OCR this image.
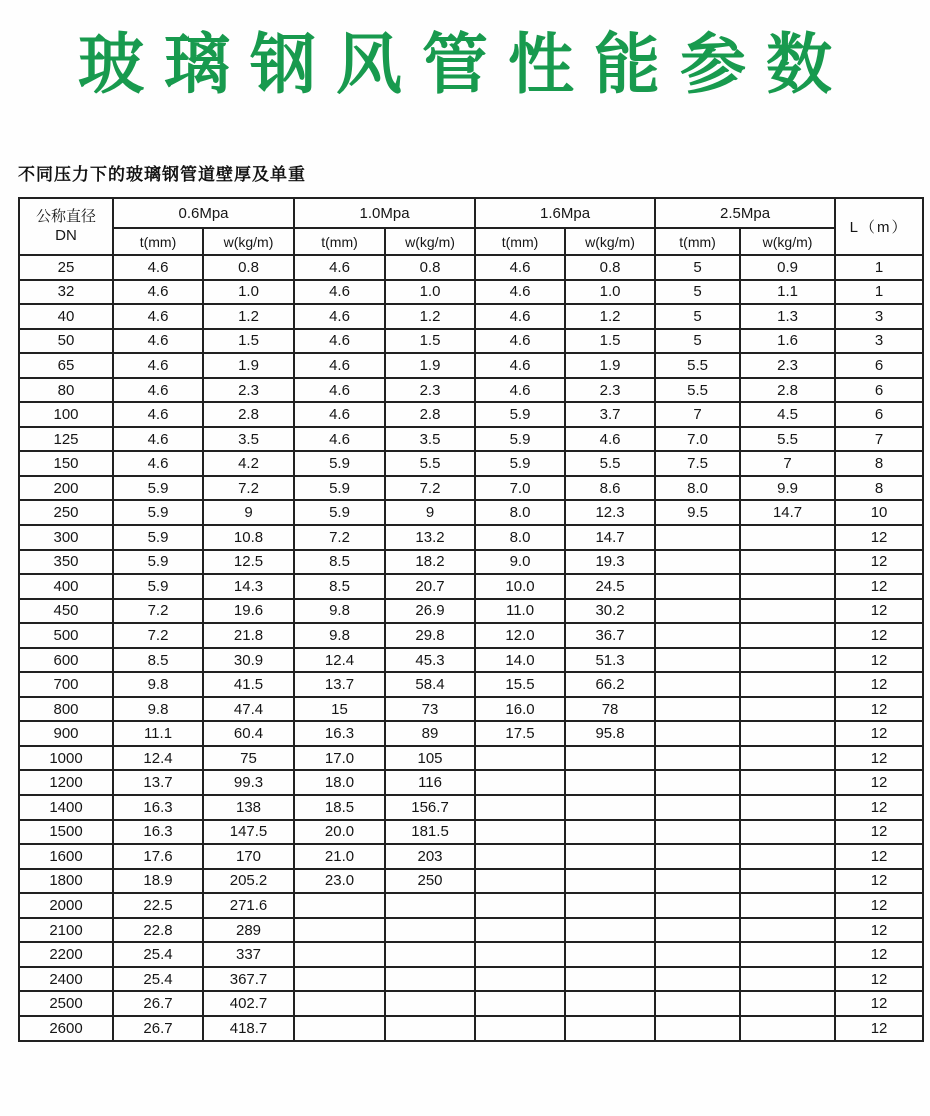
玻璃钢风管性能参数
不同压力下的玻璃钢管道壁厚及单重
公称直径
DN	0.6Mpa		1.0Mpa		1.6Mpa		2.5Mpa		L（m）
	t(mm)	w(kg/m)	t(mm)	w(kg/m)	t(mm)	w(kg/m)	t(mm)	w(kg/m)	
25	4.6	0.8	4.6	0.8	4.6	0.8	5	0.9	1
32	4.6	1.0	4.6	1.0	4.6	1.0	5	1.1	1
40	4.6	1.2	4.6	1.2	4.6	1.2	5	1.3	3
50	4.6	1.5	4.6	1.5	4.6	1.5	5	1.6	3
65	4.6	1.9	4.6	1.9	4.6	1.9	5.5	2.3	6
80	4.6	2.3	4.6	2.3	4.6	2.3	5.5	2.8	6
100	4.6	2.8	4.6	2.8	5.9	3.7	7	4.5	6
125	4.6	3.5	4.6	3.5	5.9	4.6	7.0	5.5	7
150	4.6	4.2	5.9	5.5	5.9	5.5	7.5	7	8
200	5.9	7.2	5.9	7.2	7.0	8.6	8.0	9.9	8
250	5.9	9	5.9	9	8.0	12.3	9.5	14.7	10
300	5.9	10.8	7.2	13.2	8.0	14.7			12
350	5.9	12.5	8.5	18.2	9.0	19.3			12
400	5.9	14.3	8.5	20.7	10.0	24.5			12
450	7.2	19.6	9.8	26.9	11.0	30.2			12
500	7.2	21.8	9.8	29.8	12.0	36.7			12
600	8.5	30.9	12.4	45.3	14.0	51.3			12
700	9.8	41.5	13.7	58.4	15.5	66.2			12
800	9.8	47.4	15	73	16.0	78			12
900	11.1	60.4	16.3	89	17.5	95.8			12
1000	12.4	75	17.0	105					12
1200	13.7	99.3	18.0	116					12
1400	16.3	138	18.5	156.7					12
1500	16.3	147.5	20.0	181.5					12
1600	17.6	170	21.0	203					12
1800	18.9	205.2	23.0	250					12
2000	22.5	271.6							12
2100	22.8	289							12
2200	25.4	337							12
2400	25.4	367.7							12
2500	26.7	402.7							12
2600	26.7	418.7							12
